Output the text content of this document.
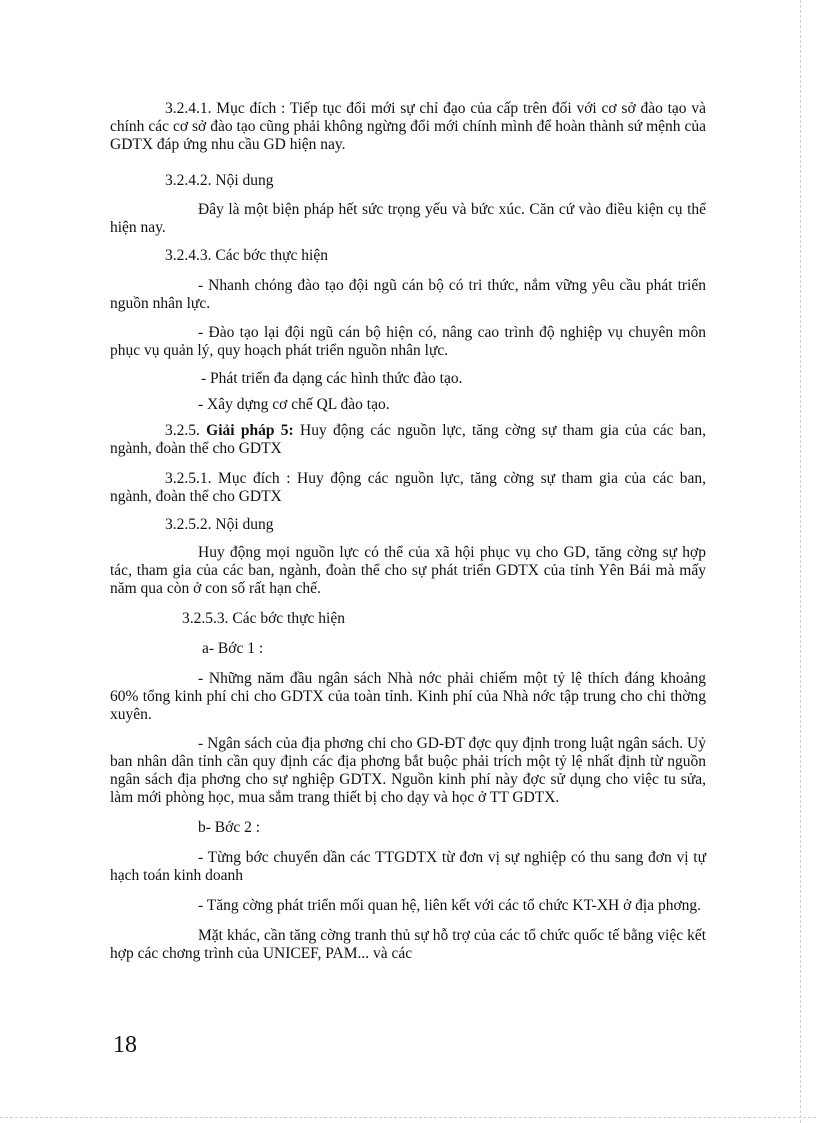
3.2.4.1. Mục đích : Tiếp tục đổi mới sự chỉ đạo của cấp trên đối với cơ sở đào tạo và chính các cơ sở đào tạo cũng phải không ngừng đổi mới chính mình để hoàn thành sứ mệnh của GDTX đáp ứng nhu cầu GD hiện nay.

3.2.4.2. Nội dung

Đây là một biện pháp hết sức trọng yếu và bức xúc. Căn cứ vào điều kiện cụ thể hiện nay.

3.2.4.3. Các bớc thực hiện

- Nhanh chóng đào tạo đội ngũ cán bộ có tri thức, nắm vững yêu cầu phát triển nguồn nhân lực.

- Đào tạo lại đội ngũ cán bộ hiện có, nâng cao trình độ nghiệp vụ chuyên môn phục vụ quản lý, quy hoạch phát triển nguồn nhân lực.

- Phát triển đa dạng các hình thức đào tạo.

- Xây dựng cơ chế QL đào tạo.

3.2.5. Giải pháp 5: Huy động các nguồn lực, tăng cờng sự tham gia của các ban, ngành, đoàn thể cho GDTX

3.2.5.1. Mục đích : Huy động các nguồn lực, tăng cờng sự tham gia của các ban, ngành, đoàn thể cho GDTX

3.2.5.2. Nội dung

Huy động mọi nguồn lực có thể của xã hội phục vụ cho GD, tăng cờng sự hợp tác, tham gia của các ban, ngành, đoàn thể cho sự phát triển GDTX của tỉnh Yên Bái mà mấy năm qua còn ở con số rất hạn chế.

3.2.5.3. Các bớc thực hiện

a- Bớc 1 :

- Những năm đầu ngân sách Nhà nớc phải chiếm một tỷ lệ thích đáng khoảng 60% tổng kinh phí chi cho GDTX của toàn tỉnh. Kinh phí của Nhà nớc tập trung cho chi thờng xuyên.

- Ngân sách của địa phơng chi cho GD-ĐT đợc quy định trong luật ngân sách. Uỷ ban nhân dân tỉnh cần quy định các địa phơng bắt buộc phải trích một tỷ lệ nhất định từ nguồn ngân sách địa phơng cho sự nghiệp GDTX. Nguồn kinh phí này đợc sử dụng cho việc tu sửa, làm mới phòng học, mua sắm trang thiết bị cho dạy và học ở TT GDTX.

b- Bớc 2 :

- Từng bớc chuyển dần các TTGDTX từ đơn vị sự nghiệp có thu sang đơn vị tự hạch toán kinh doanh

- Tăng cờng phát triển mối quan hệ, liên kết với các tổ chức KT-XH ở địa phơng.

Mặt khác, cần tăng cờng tranh thủ sự hỗ trợ của các tổ chức quốc tế bằng việc kết hợp các chơng trình của UNICEF, PAM... và các

18
